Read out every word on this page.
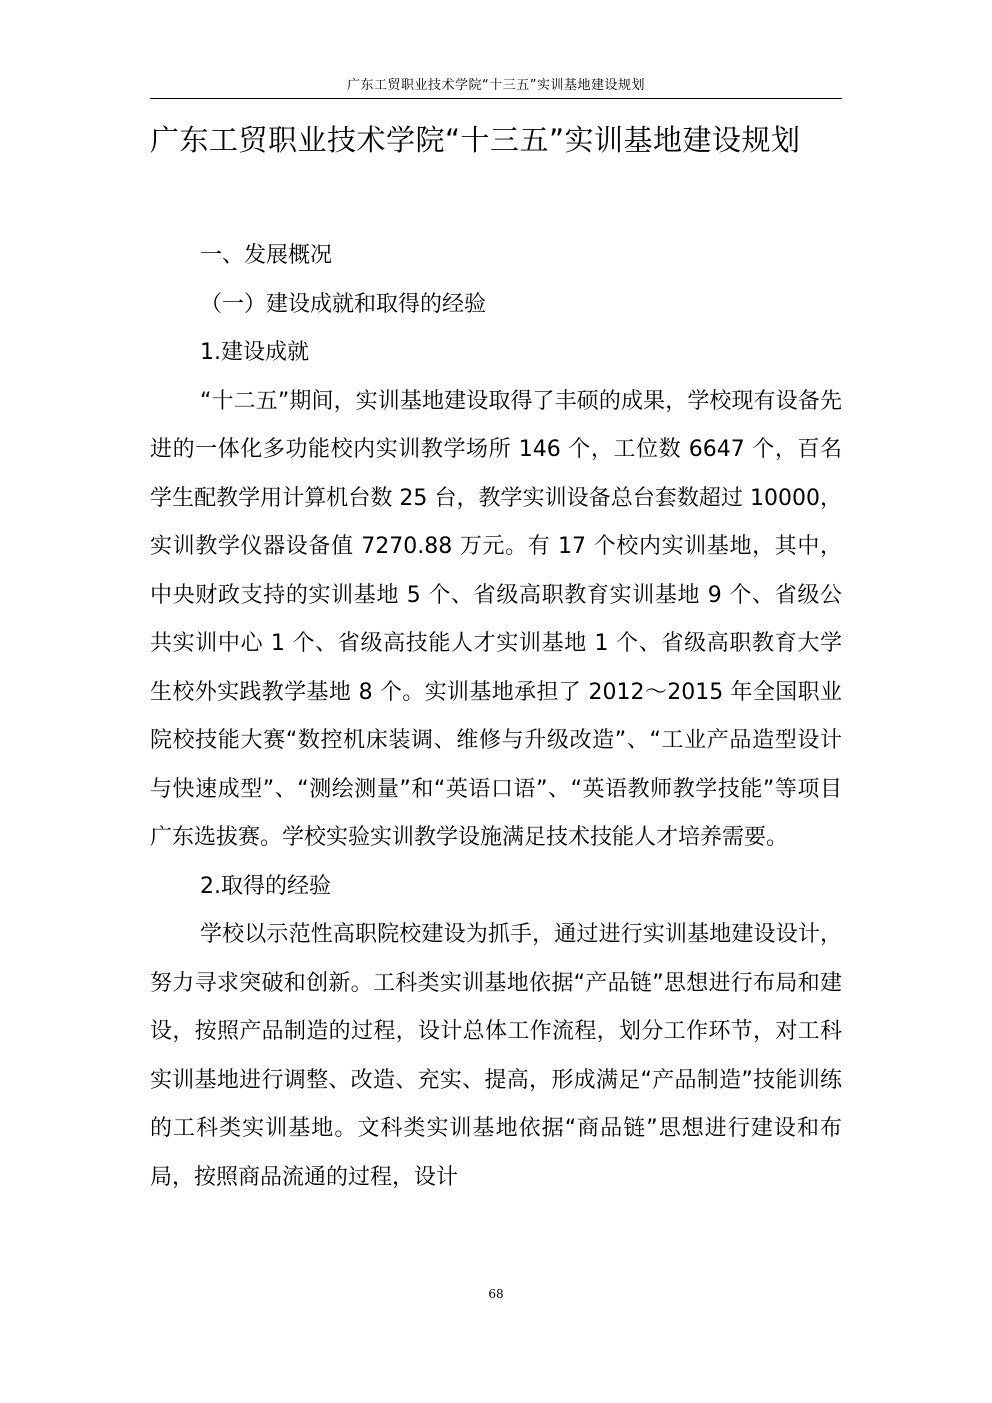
广东工贸职业技术学院“十三五”实训基地建设规划
广东工贸职业技术学院“十三五”实训基地建设规划

一、发展概况

（一）建设成就和取得的经验

1.建设成就

“十二五”期间，实训基地建设取得了丰硕的成果，学校现有设备先进的一体化多功能校内实训教学场所 146 个，工位数 6647 个，百名学生配教学用计算机台数 25 台，教学实训设备总台套数超过 10000，实训教学仪器设备值 7270.88 万元。有 17 个校内实训基地，其中，中央财政支持的实训基地 5 个、省级高职教育实训基地 9 个、省级公共实训中心 1 个、省级高技能人才实训基地 1 个、省级高职教育大学生校外实践教学基地 8 个。实训基地承担了 2012～2015 年全国职业院校技能大赛“数控机床装调、维修与升级改造”、“工业产品造型设计与快速成型”、“测绘测量”和“英语口语”、“英语教师教学技能”等项目广东选拔赛。学校实验实训教学设施满足技术技能人才培养需要。

2.取得的经验

学校以示范性高职院校建设为抓手，通过进行实训基地建设设计，努力寻求突破和创新。工科类实训基地依据“产品链”思想进行布局和建设，按照产品制造的过程，设计总体工作流程，划分工作环节，对工科实训基地进行调整、改造、充实、提高，形成满足“产品制造”技能训练的工科类实训基地。文科类实训基地依据“商品链”思想进行建设和布局，按照商品流通的过程，设计

68
